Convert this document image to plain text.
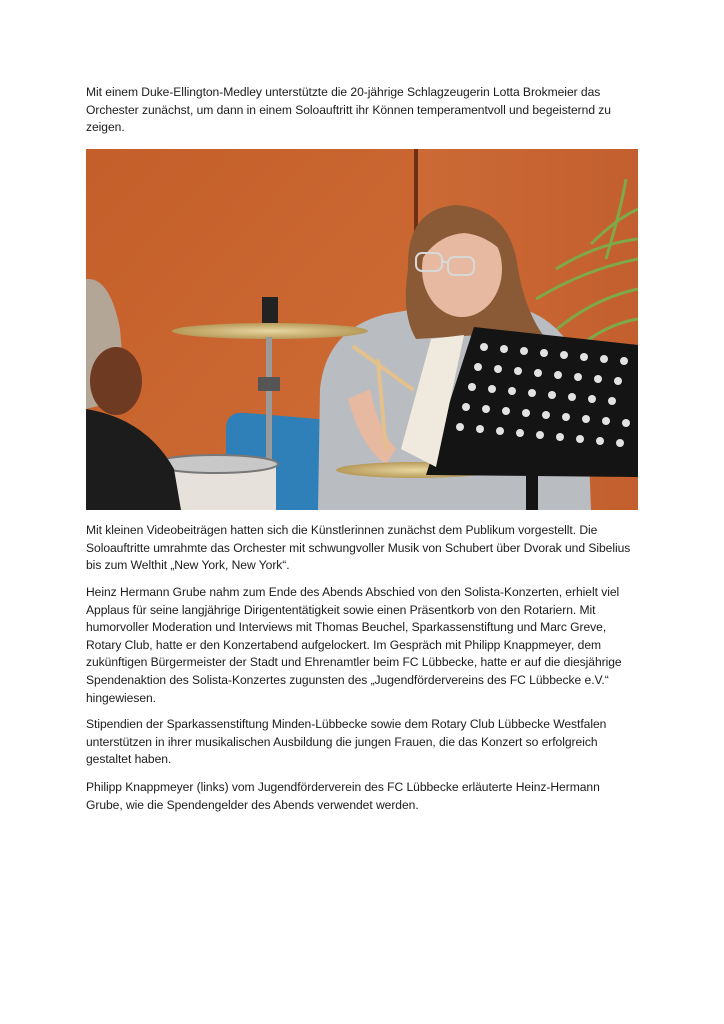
Mit einem Duke-Ellington-Medley unterstützte die 20-jährige Schlagzeugerin Lotta Brokmeier das Orchester zunächst, um dann in einem Soloauftritt ihr Können temperamentvoll und begeisternd zu zeigen.

Mit kleinen Videobeiträgen hatten sich die Künstlerinnen zunächst dem Publikum vorgestellt. Die Soloauftritte umrahmte das Orchester mit schwungvoller Musik von Schubert über Dvorak und Sibelius bis zum Welthit „New York, New York“.

Heinz Hermann Grube nahm zum Ende des Abends Abschied von den Solista-Konzerten, erhielt viel Applaus für seine langjährige Dirigententätigkeit sowie einen Präsentkorb von den Rotariern. Mit humorvoller Moderation und Interviews mit Thomas Beuchel, Sparkassenstiftung und Marc Greve, Rotary Club, hatte er den Konzertabend aufgelockert. Im Gespräch mit Philipp Knappmeyer, dem zukünftigen Bürgermeister der Stadt und Ehrenamtler beim FC Lübbecke, hatte er auf die diesjährige Spendenaktion des Solista-Konzertes zugunsten des „Jugendfördervereins des FC Lübbecke e.V.“ hingewiesen.

Stipendien der Sparkassenstiftung Minden-Lübbecke sowie dem Rotary Club Lübbecke Westfalen unterstützen in ihrer musikalischen Ausbildung die jungen Frauen, die das Konzert so erfolgreich gestaltet haben.

Philipp Knappmeyer (links) vom Jugendförderverein des FC Lübbecke erläuterte Heinz-Hermann Grube, wie die Spendengelder des Abends verwendet werden.
